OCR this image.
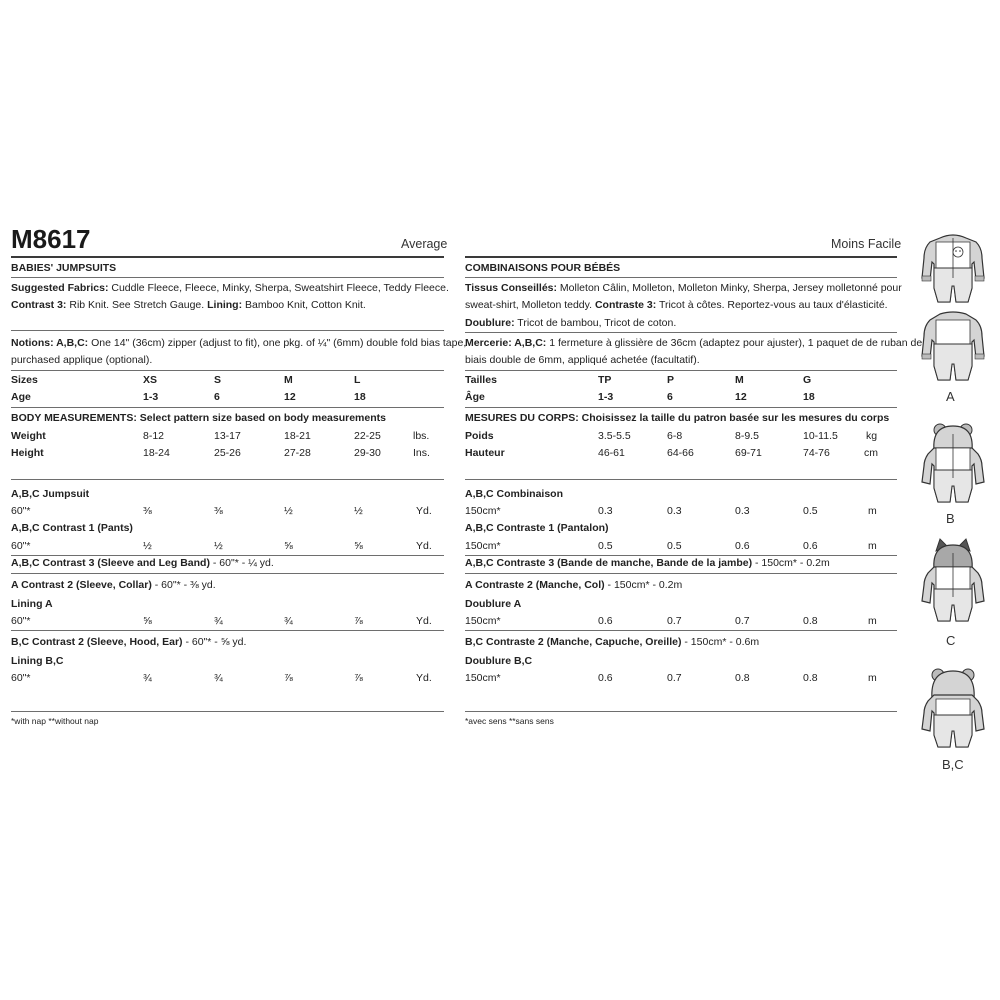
M8617	Average
BABIES' JUMPSUITS
Suggested Fabrics: Cuddle Fleece, Fleece, Minky, Sherpa, Sweatshirt Fleece, Teddy Fleece.
Contrast 3: Rib Knit. See Stretch Gauge. Lining: Bamboo Knit, Cotton Knit.
Notions: A,B,C: One 14" (36cm) zipper (adjust to fit), one pkg. of ¼" (6mm) double fold bias tape,
purchased applique (optional).
Sizes	XS	S	M	L
Age	1-3	6	12	18
BODY MEASUREMENTS: Select pattern size based on body measurements
Weight	8-12	13-17	18-21	22-25	lbs.
Height	18-24	25-26	27-28	29-30	Ins.
A,B,C Jumpsuit
60"*	⅜	⅜	½	½	Yd.
A,B,C Contrast 1 (Pants)
60"*	½	½	⅝	⅝	Yd.
A,B,C Contrast 3 (Sleeve and Leg Band) - 60"* - ¼ yd.
A Contrast 2 (Sleeve, Collar) - 60"* - ⅜ yd.
Lining A
60"*	⅝	¾	¾	⅞	Yd.
B,C Contrast 2 (Sleeve, Hood, Ear) - 60"* - ⅝ yd.
Lining B,C
60"*	¾	¾	⅞	⅞	Yd.
*with nap **without nap
Moins Facile
COMBINAISONS POUR BÉBÉS
Tissus Conseillés: Molleton Câlin, Molleton, Molleton Minky, Sherpa, Jersey molletonné pour
sweat-shirt, Molleton teddy. Contraste 3: Tricot à côtes. Reportez-vous au taux d'élasticité.
Doublure: Tricot de bambou, Tricot de coton.
Mercerie: A,B,C: 1 fermeture à glissière de 36cm (adaptez pour ajuster), 1 paquet de de ruban de
biais double de 6mm, appliqué achetée (facultatif).
Tailles	TP	P	M	G
Âge	1-3	6	12	18
MESURES DU CORPS: Choisissez la taille du patron basée sur les mesures du corps
Poids	3.5-5.5	6-8	8-9.5	10-11.5	kg
Hauteur	46-61	64-66	69-71	74-76	cm
A,B,C Combinaison
150cm*	0.3	0.3	0.3	0.5	m
A,B,C Contraste 1 (Pantalon)
150cm*	0.5	0.5	0.6	0.6	m
A,B,C Contraste 3 (Bande de manche, Bande de la jambe) - 150cm* - 0.2m
A Contraste 2 (Manche, Col) - 150cm* - 0.2m
Doublure A
150cm*	0.6	0.7	0.7	0.8	m
B,C Contraste 2 (Manche, Capuche, Oreille) - 150cm* - 0.6m
Doublure B,C
150cm*	0.6	0.7	0.8	0.8	m
*avec sens **sans sens
A
B
C
B,C
